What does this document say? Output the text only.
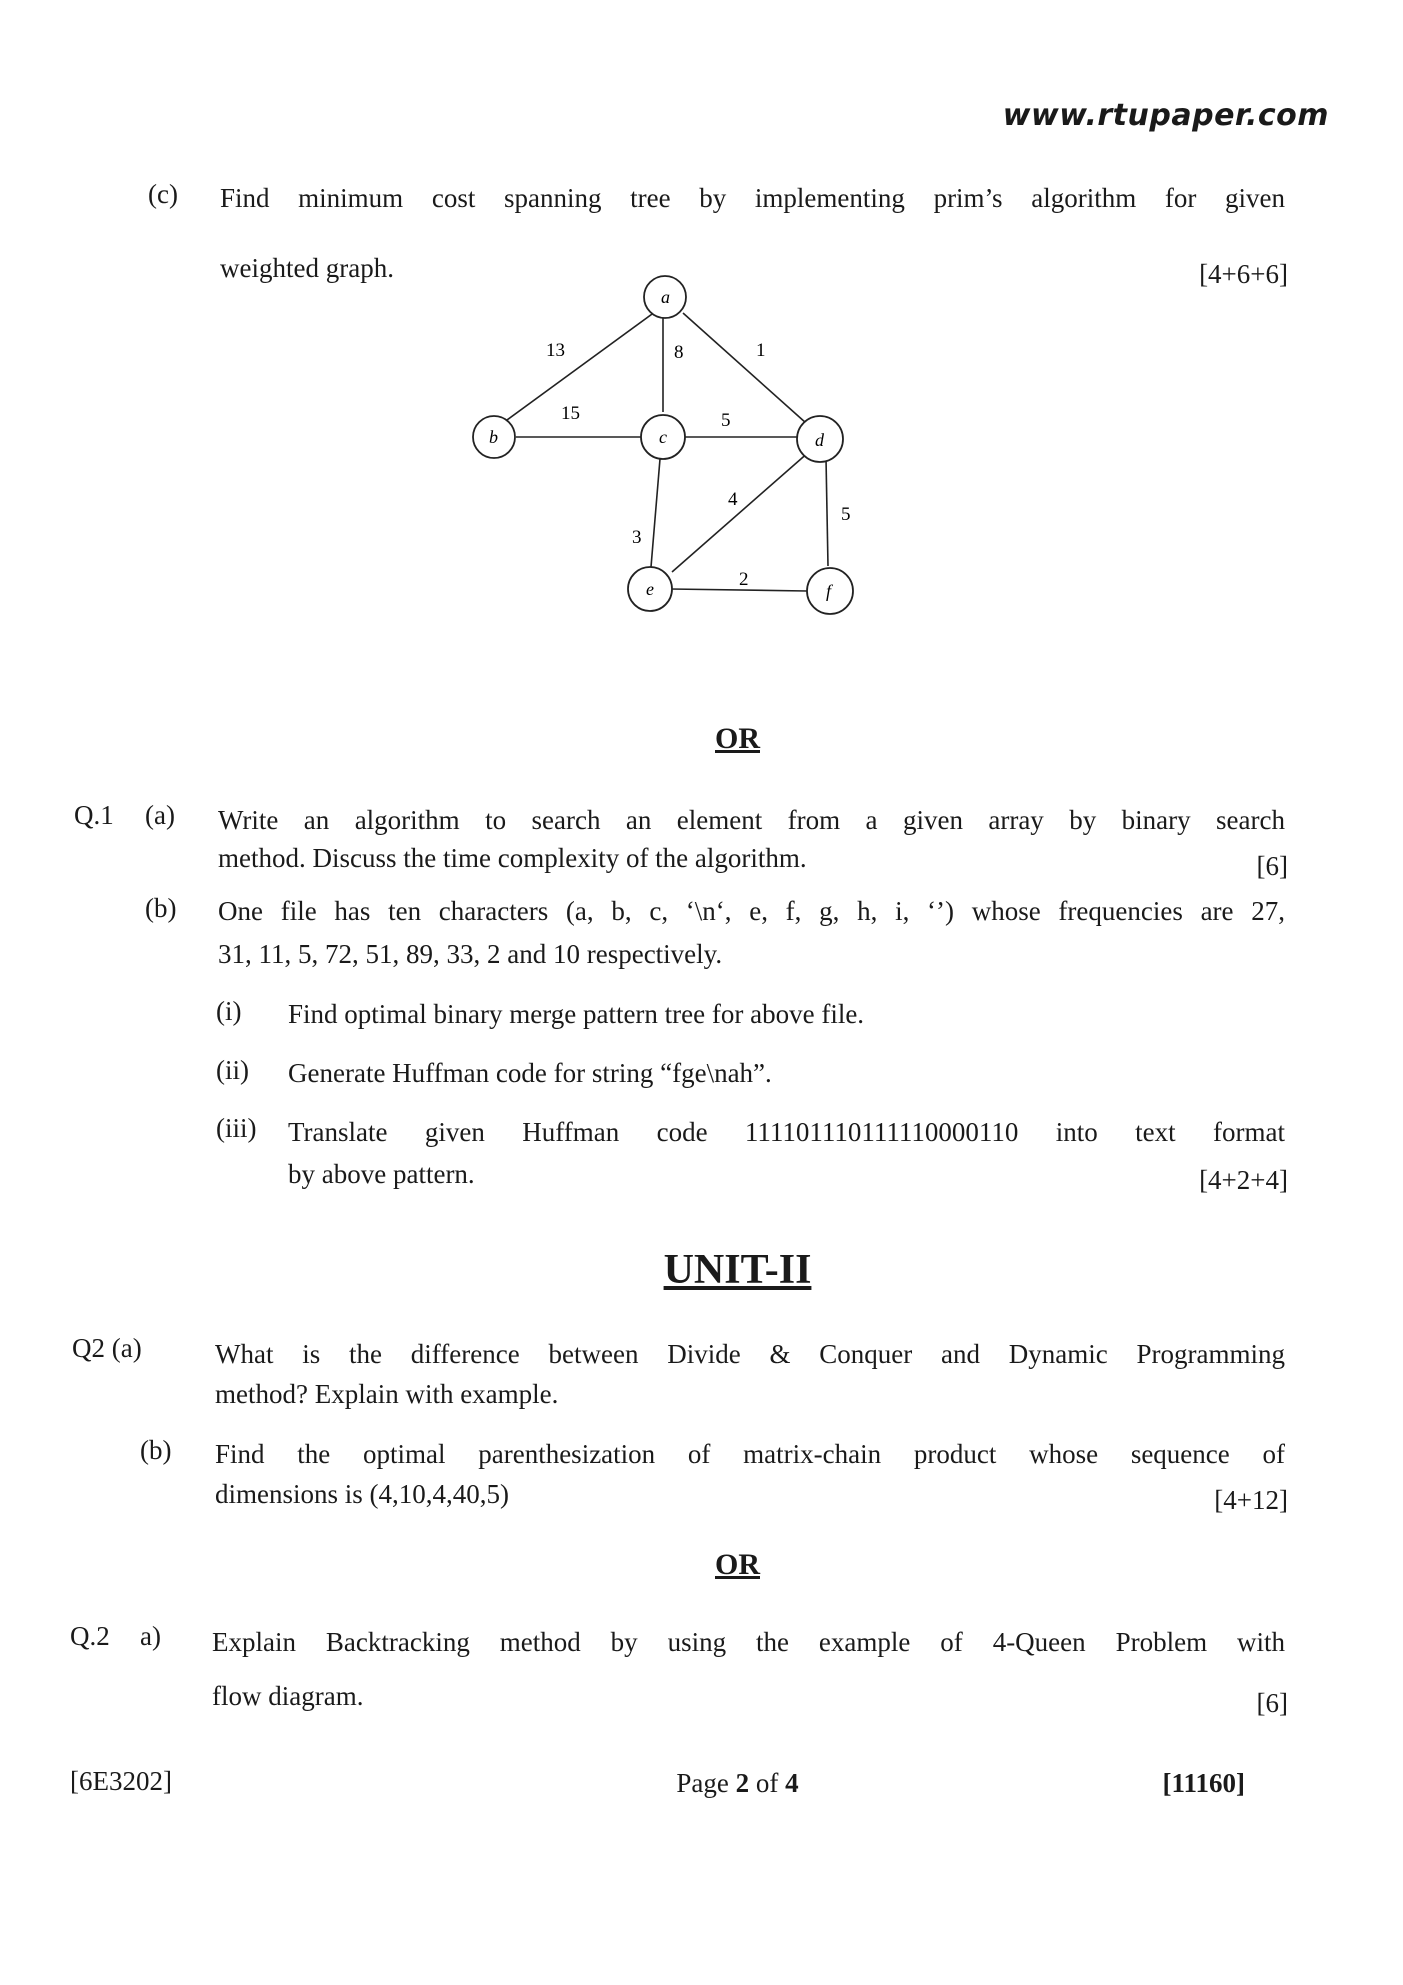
www.rtupaper.com
(c) Find minimum cost spanning tree by implementing prim’s algorithm for given
weighted graph.	[4+6+6]
a
b	c	d
e	f
13	8	1
15	5
4
5
3
2
OR
Q.1 (a) Write an algorithm to search an element from a given array by binary search
method. Discuss the time complexity of the algorithm.	[6]
(b) One file has ten characters (a, b, c, ‘\n‘, e, f, g, h, i, ‘’) whose frequencies are 27,
31, 11, 5, 72, 51, 89, 33, 2 and 10 respectively.
(i) Find optimal binary merge pattern tree for above file.
(ii) Generate Huffman code for string “fge\nah”.
(iii) Translate given Huffman code 111101110111110000110 into text format
by above pattern.	[4+2+4]
UNIT-II
Q2 (a)	What is the difference between Divide & Conquer and Dynamic Programming
method? Explain with example.
(b) Find the optimal parenthesization of matrix-chain product whose sequence of
dimensions is (4,10,4,40,5)	[4+12]
OR
Q.2 a) Explain Backtracking method by using the example of 4-Queen Problem with
flow diagram.	[6]
[6E3202]	Page 2 of 4	[11160]
